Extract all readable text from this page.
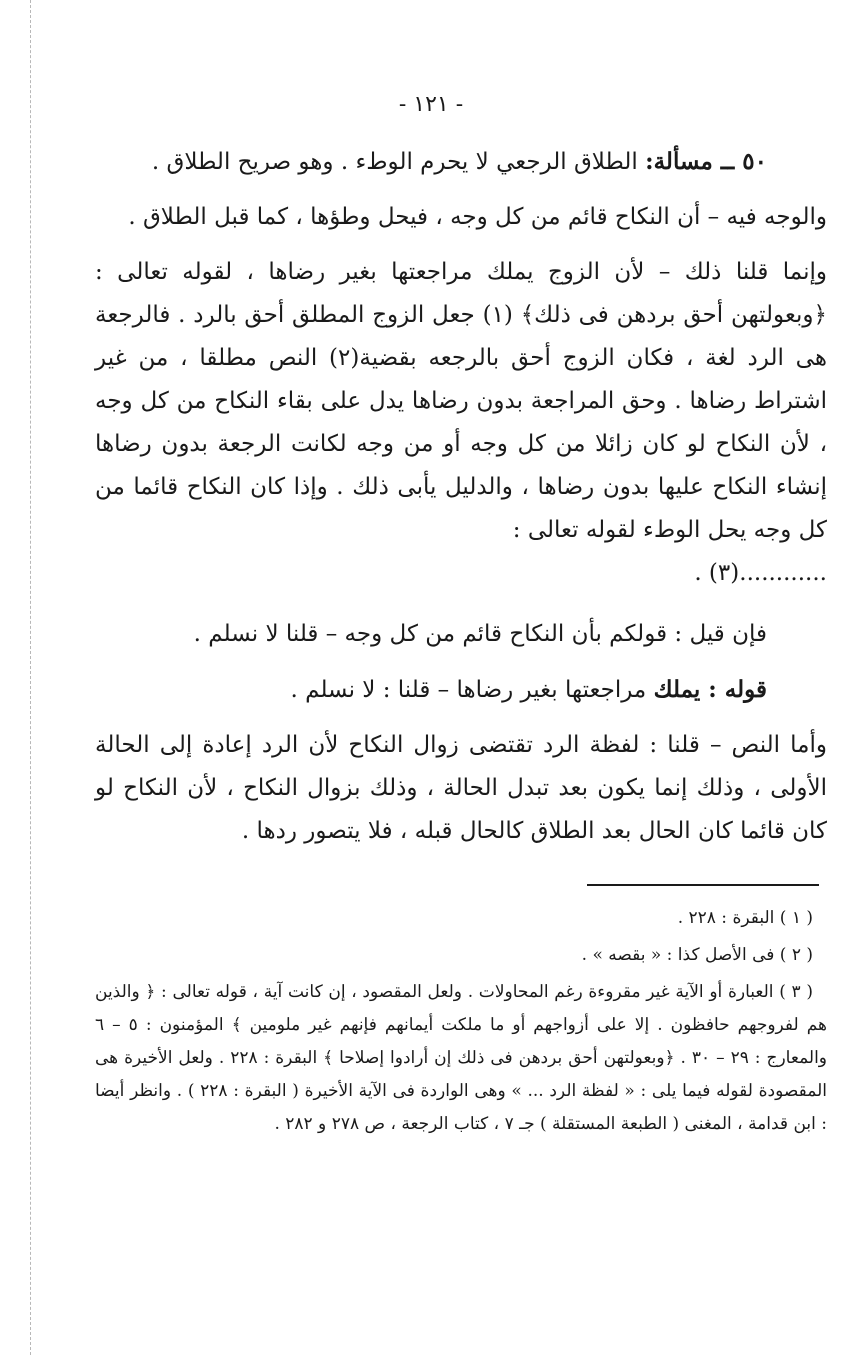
- ١٢١ -

٥٠ ــ مسألة: الطلاق الرجعي لا يحرم الوطء . وهو صريح الطلاق .

والوجه فيه – أن النكاح قائم من كل وجه ، فيحل وطؤها ، كما قبل الطلاق .

وإنما قلنا ذلك – لأن الزوج يملك مراجعتها بغير رضاها ، لقوله تعالى : ﴿وبعولتهن أحق بردهن فى ذلك﴾ (١) جعل الزوج المطلق أحق بالرد . فالرجعة هى الرد لغة ، فكان الزوج أحق بالرجعه بقضية(٢) النص مطلقا ، من غير اشتراط رضاها . وحق المراجعة بدون رضاها يدل على بقاء النكاح من كل وجه ، لأن النكاح لو كان زائلا من كل وجه أو من وجه لكانت الرجعة بدون رضاها إنشاء النكاح عليها بدون رضاها ، والدليل يأبى ذلك . وإذا كان النكاح قائما من كل وجه يحل الوطء لقوله تعالى :

............(٣) .

فإن قيل : قولكم بأن النكاح قائم من كل وجه – قلنا لا نسلم .

قوله : يملك مراجعتها بغير رضاها – قلنا : لا نسلم .

وأما النص – قلنا : لفظة الرد تقتضى زوال النكاح لأن الرد إعادة إلى الحالة الأولى ، وذلك إنما يكون بعد تبدل الحالة ، وذلك بزوال النكاح ، لأن النكاح لو كان قائما كان الحال بعد الطلاق كالحال قبله ، فلا يتصور ردها .

( ١ ) البقرة : ٢٢٨ .

( ٢ ) فى الأصل كذا : « بقصه » .

( ٣ ) العبارة أو الآية غير مقروءة رغم المحاولات . ولعل المقصود ، إن كانت آية ، قوله تعالى : ﴿ والذين هم لفروجهم حافظون . إلا على أزواجهم أو ما ملكت أيمانهم فإنهم غير ملومين ﴾ المؤمنون : ٥ – ٦ والمعارج : ٢٩ – ٣٠ . ﴿وبعولتهن أحق بردهن فى ذلك إن أرادوا إصلاحا ﴾ البقرة : ٢٢٨ . ولعل الأخيرة هى المقصودة لقوله فيما يلى : « لفظة الرد ... » وهى الواردة فى الآية الأخيرة ( البقرة : ٢٢٨ ) . وانظر أيضا : ابن قدامة ، المغنى ( الطبعة المستقلة ) جـ ٧ ، كتاب الرجعة ، ص ٢٧٨ و ٢٨٢ .
